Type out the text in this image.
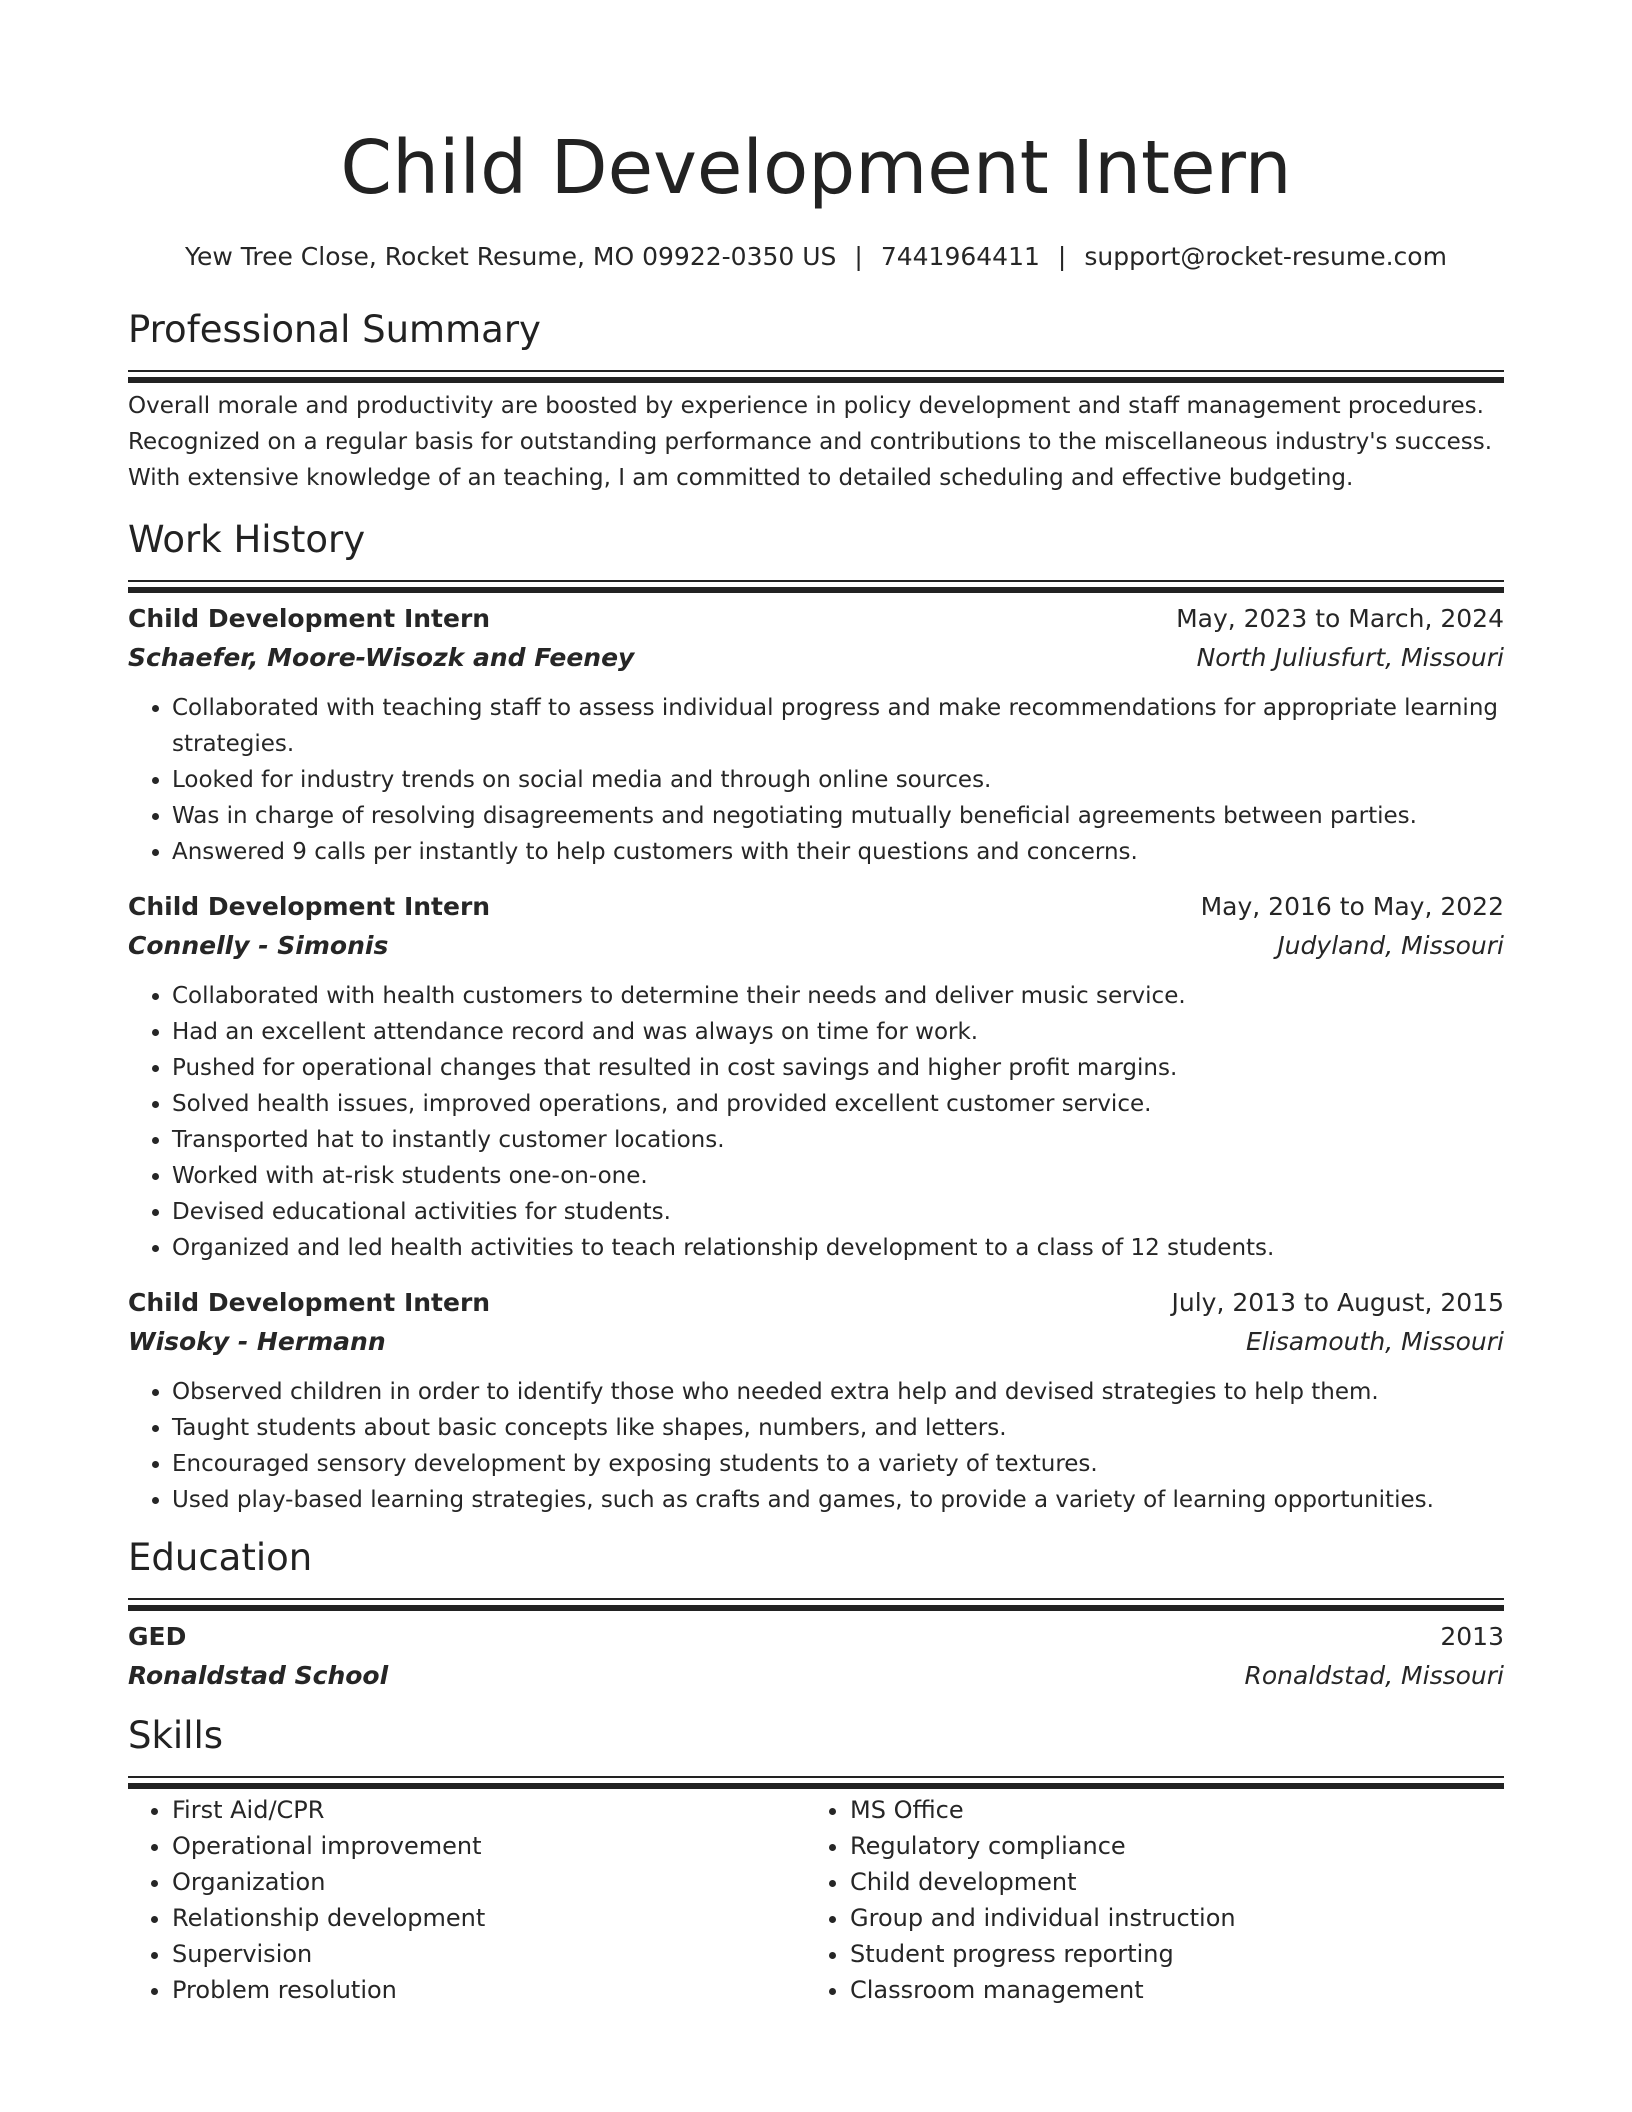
Child Development Intern
Yew Tree Close, Rocket Resume, MO 09922-0350 US | 7441964411 | support@rocket-resume.com
Professional Summary

Overall morale and productivity are boosted by experience in policy development and staff management procedures. Recognized on a regular basis for outstanding performance and contributions to the miscellaneous industry's success. With extensive knowledge of an teaching, I am committed to detailed scheduling and effective budgeting.

Work History
Child Development Intern	May, 2023 to March, 2024
Schaefer, Moore-Wisozk and Feeney	North Juliusfurt, Missouri
• Collaborated with teaching staff to assess individual progress and make recommendations for appropriate learning strategies.
• Looked for industry trends on social media and through online sources.
• Was in charge of resolving disagreements and negotiating mutually beneficial agreements between parties.
• Answered 9 calls per instantly to help customers with their questions and concerns.
Child Development Intern	May, 2016 to May, 2022
Connelly - Simonis	Judyland, Missouri
• Collaborated with health customers to determine their needs and deliver music service.
• Had an excellent attendance record and was always on time for work.
• Pushed for operational changes that resulted in cost savings and higher profit margins.
• Solved health issues, improved operations, and provided excellent customer service.
• Transported hat to instantly customer locations.
• Worked with at-risk students one-on-one.
• Devised educational activities for students.
• Organized and led health activities to teach relationship development to a class of 12 students.
Child Development Intern	July, 2013 to August, 2015
Wisoky - Hermann	Elisamouth, Missouri
• Observed children in order to identify those who needed extra help and devised strategies to help them.
• Taught students about basic concepts like shapes, numbers, and letters.
• Encouraged sensory development by exposing students to a variety of textures.
• Used play-based learning strategies, such as crafts and games, to provide a variety of learning opportunities.
Education
GED	2013
Ronaldstad School	Ronaldstad, Missouri
Skills
• First Aid/CPR
• Operational improvement
• Organization
• Relationship development
• Supervision
• Problem resolution
• MS Office
• Regulatory compliance
• Child development
• Group and individual instruction
• Student progress reporting
• Classroom management
